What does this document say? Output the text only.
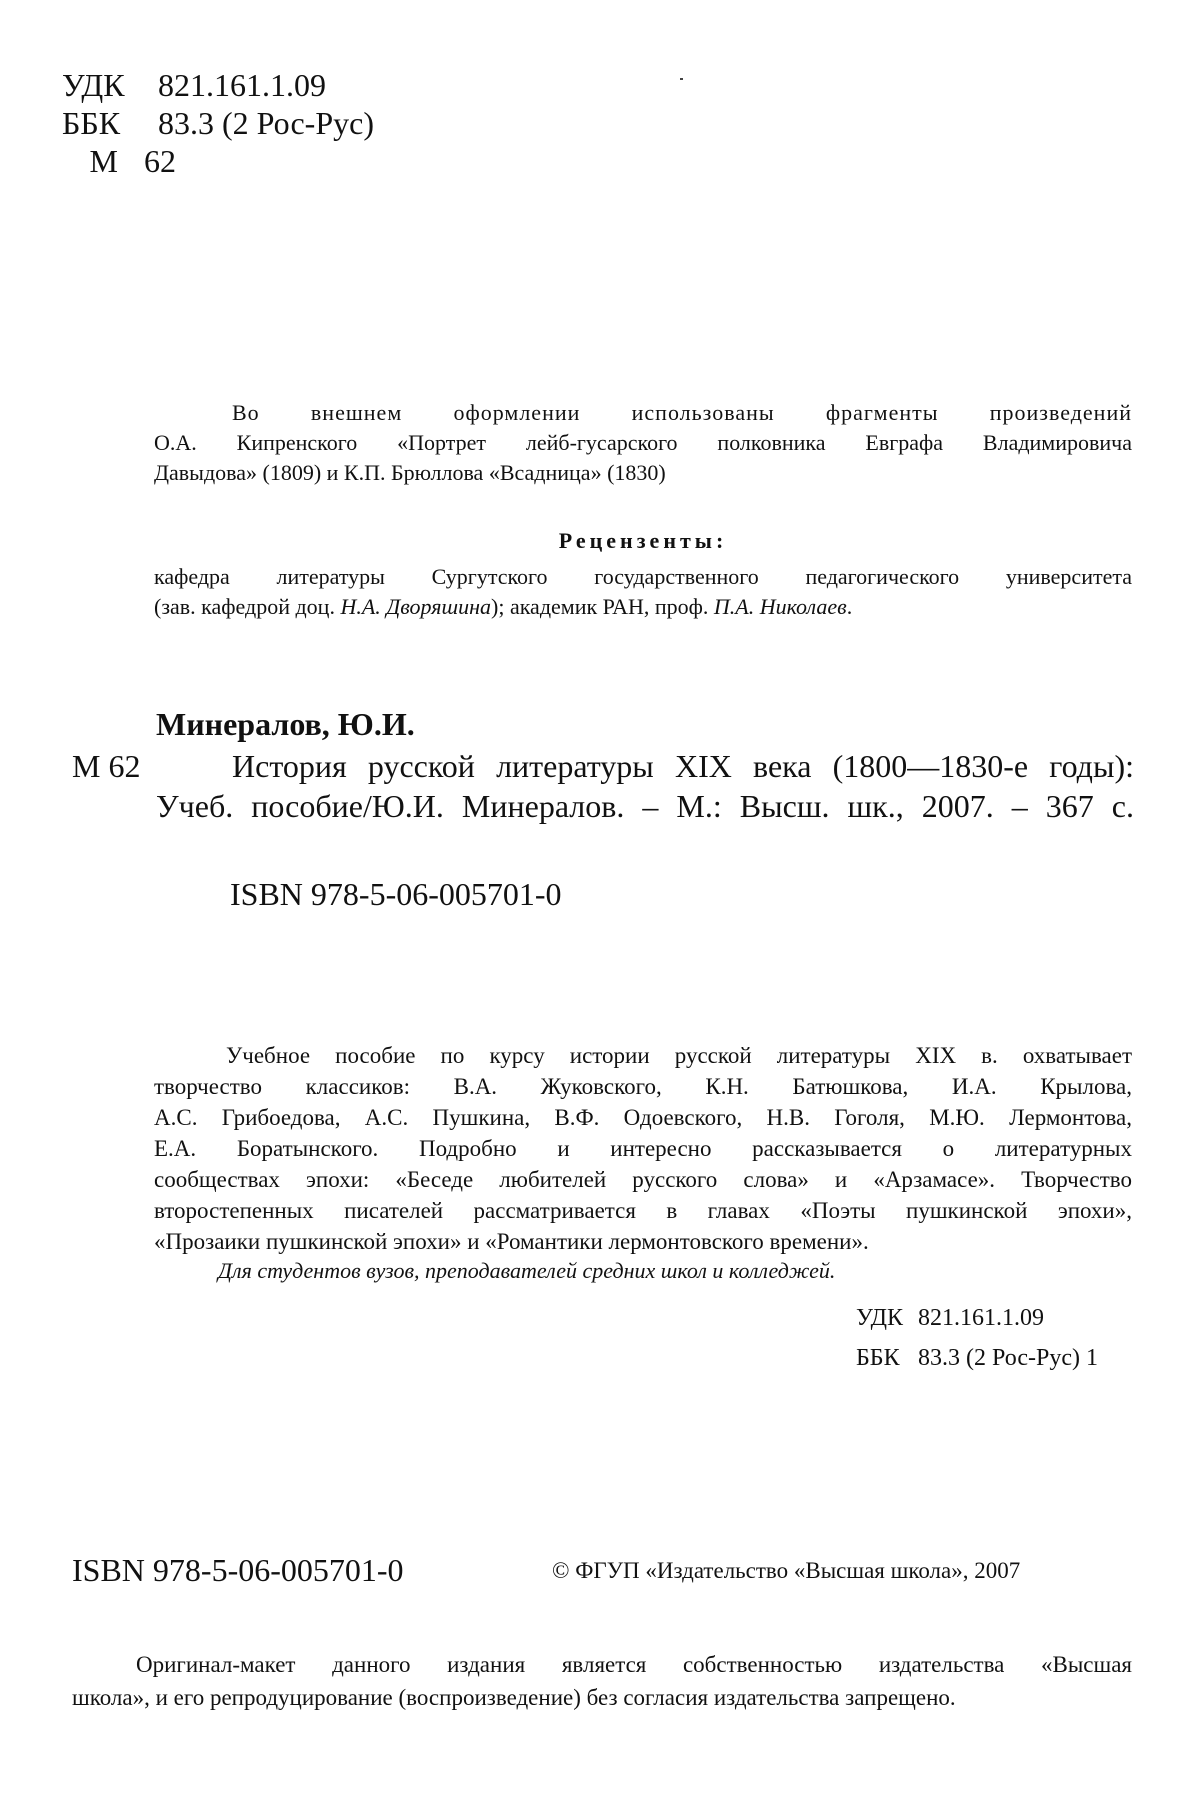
УДК 821.161.1.09
ББК 83.3 (2 Рос-Рус)
М 62
Во внешнем оформлении использованы фрагменты произведений
О.А. Кипренского «Портрет лейб-гусарского полковника Евграфа Владимировича
Давыдова» (1809) и К.П. Брюллова «Всадница» (1830)
Рецензенты:
кафедра литературы Сургутского государственного педагогического университета
(зав. кафедрой доц. Н.А. Дворяшина); академик РАН, проф. П.А. Николаев.
Минералов, Ю.И.
М 62	История русской литературы XIX века (1800—1830-е годы):
Учеб. пособие/Ю.И. Минералов. – М.: Высш. шк., 2007. – 367 с.
ISBN 978-5-06-005701-0
Учебное пособие по курсу истории русской литературы XIX в. охватывает
творчество классиков: В.А. Жуковского, К.Н. Батюшкова, И.А. Крылова,
А.С. Грибоедова, А.С. Пушкина, В.Ф. Одоевского, Н.В. Гоголя, М.Ю. Лермонтова,
Е.А. Боратынского. Подробно и интересно рассказывается о литературных
сообществах эпохи: «Беседе любителей русского слова» и «Арзамасе». Творчество
второстепенных писателей рассматривается в главах «Поэты пушкинской эпохи»,
«Прозаики пушкинской эпохи» и «Романтики лермонтовского времени».
Для студентов вузов, преподавателей средних школ и колледжей.
УДК 821.161.1.09
ББК 83.3 (2 Рос-Рус) 1
ISBN 978-5-06-005701-0	© ФГУП «Издательство «Высшая школа», 2007
Оригинал-макет данного издания является собственностью издательства «Высшая
школа», и его репродуцирование (воспроизведение) без согласия издательства запрещено.
